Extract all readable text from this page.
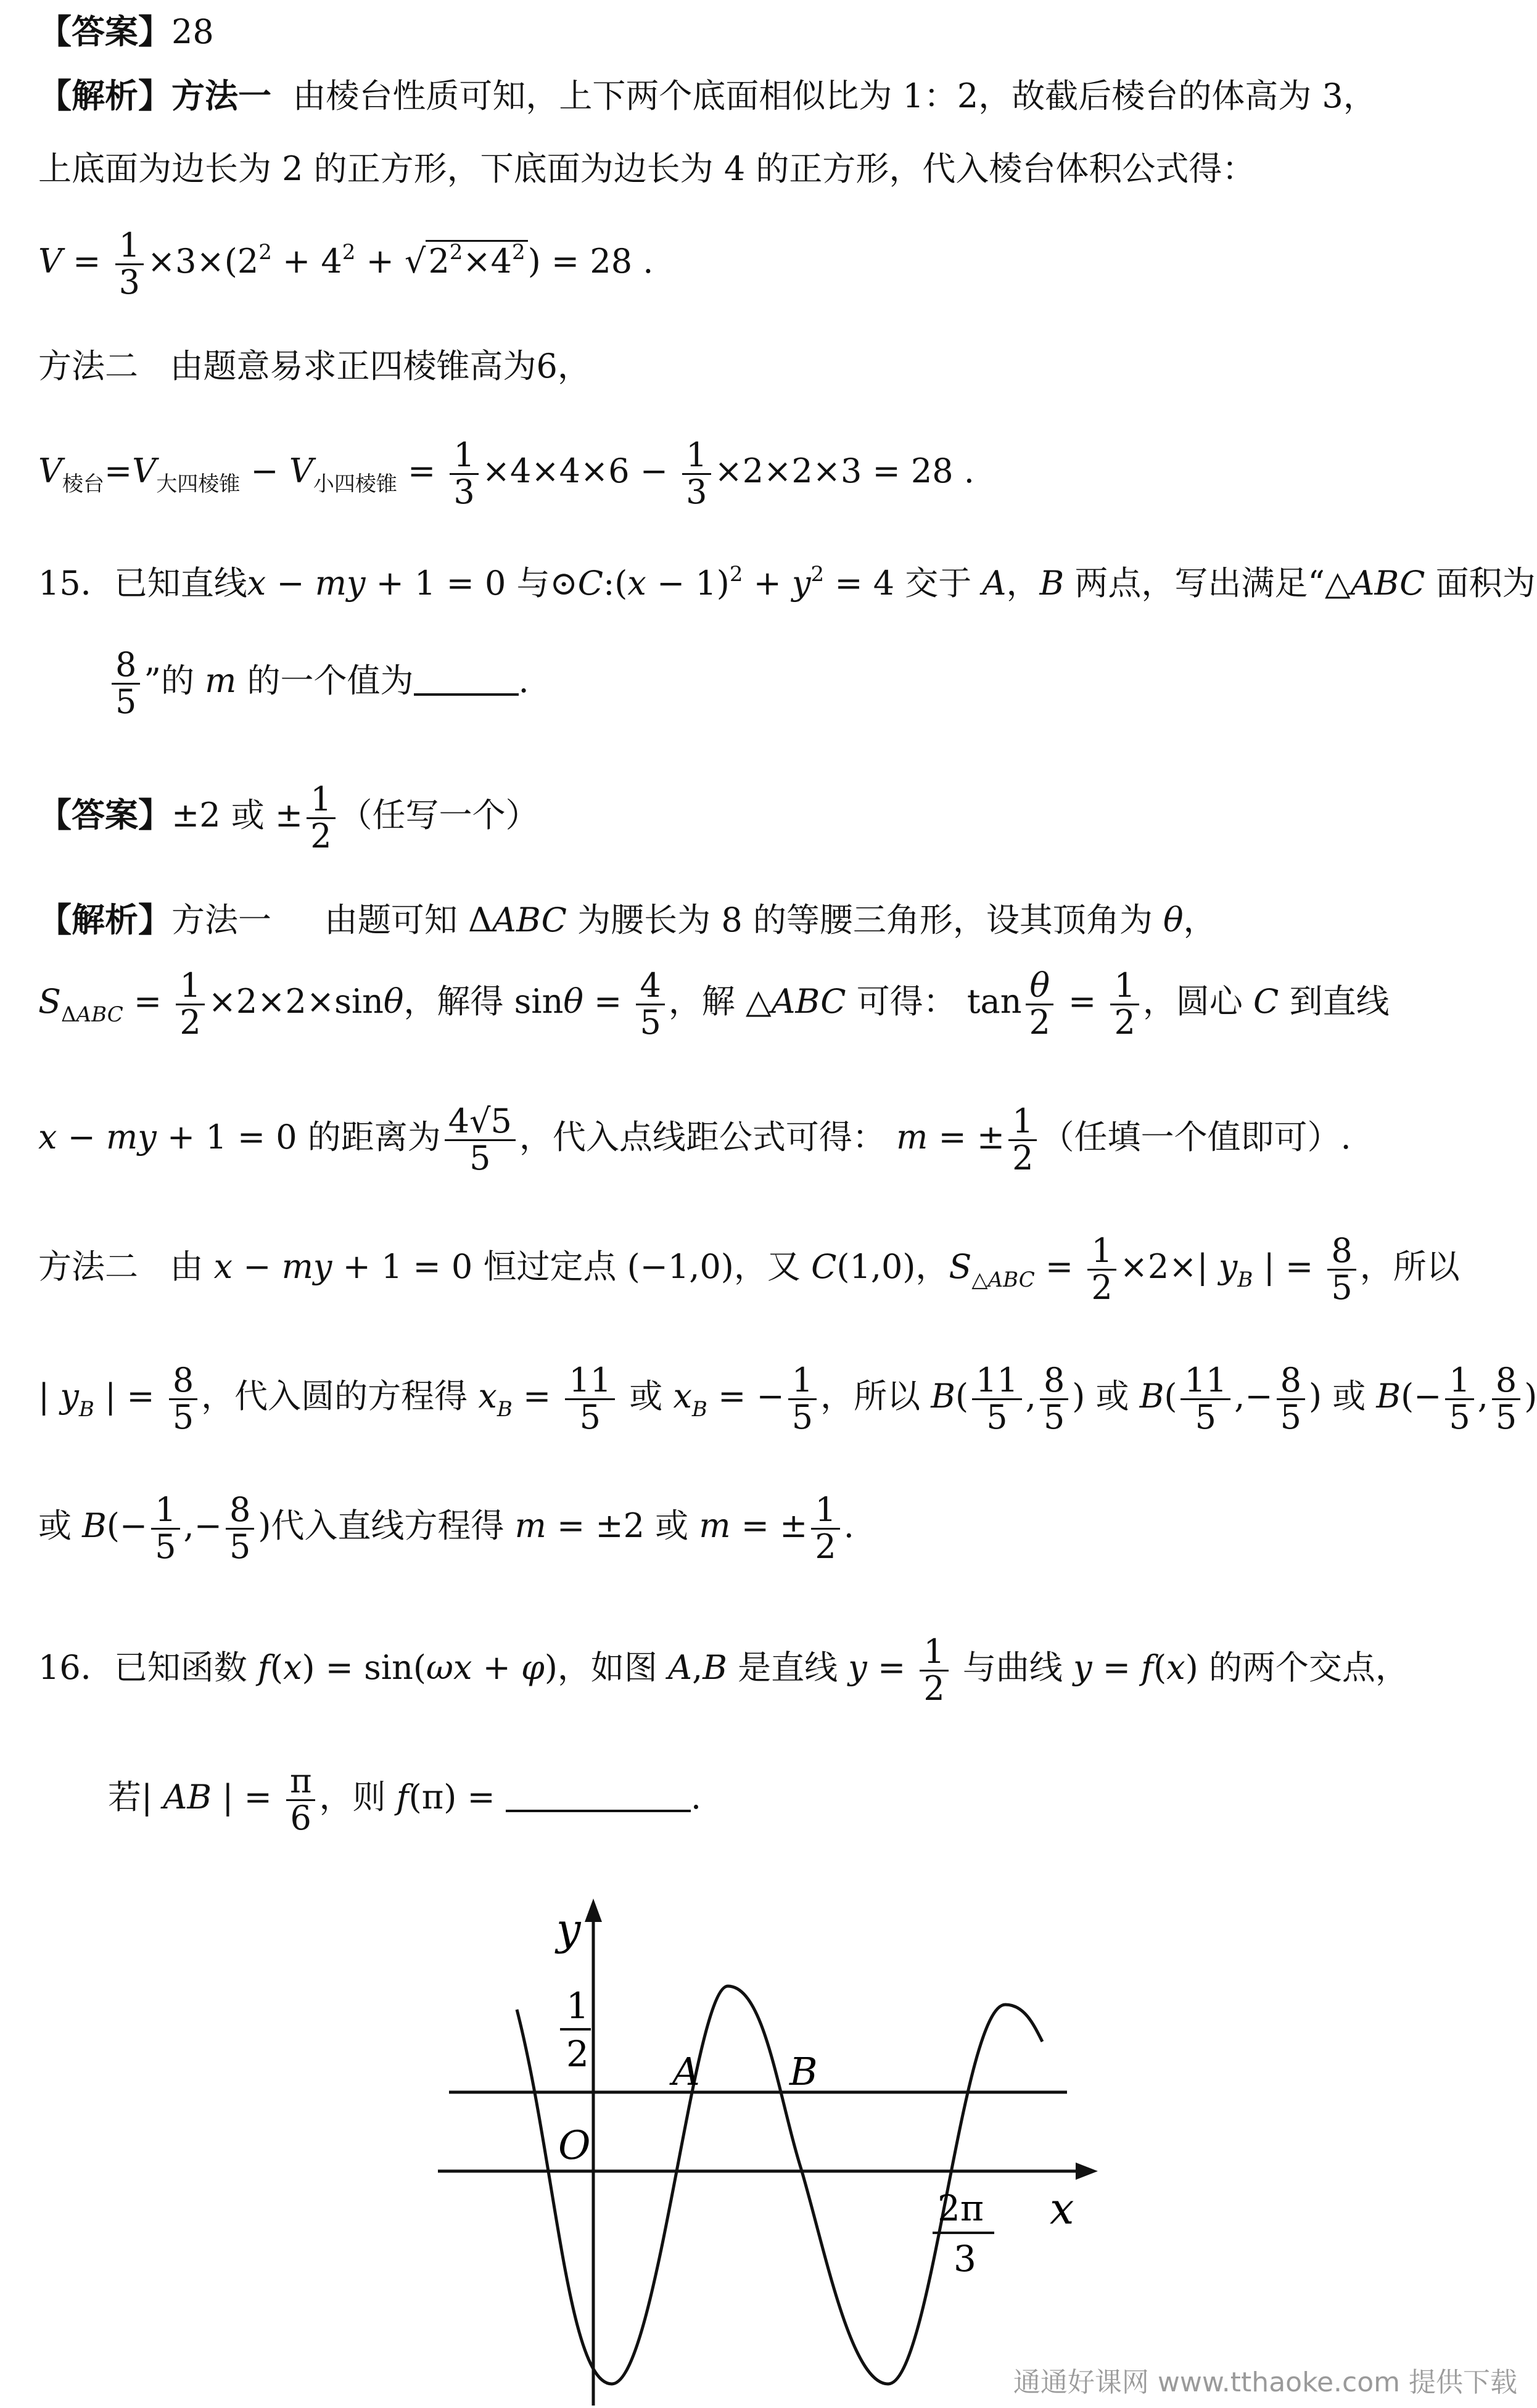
【答案】28
【解析】方法一 由棱台性质可知，上下两个底面相似比为 1：2，故截后棱台的体高为 3，
上底面为边长为 2 的正方形，下底面为边长为 4 的正方形，代入棱台体积公式得：
$V = \frac{1}{3} \times 3\times(2^2 + 4^2 + √2^2\times 4^2) = 28$ .
方法二 由题意易求正四棱锥高为6，
$V_{棱台}=V_{大四棱锥} - V_{小四棱锥} = \frac{1}{3} \times 4\times 4\times 6 - \frac{1}{3} \times 2\times 2\times 3 = 28$ .
15．已知直线x − my + 1 = 0 与⊙C:(x − $1)^2 + y^2 = 4$ 交于 A，B 两点，写出满足“△ABC 面积为
$\frac{8}{5}$ ”的 m 的一个值为	.
【答案】±2 或 ± $\frac{1}{2}$ （任写一个）
【解析】方法一 由题可知 ΔABC 为腰长为 8 的等腰三角形，设其顶角为 θ，
$S_{\Delta ABC} = \frac{1}{2} \times 2\times 2\times\sin\theta$，解得 $\sin\theta = \frac{4}{5}$ ，解 △ABC 可得： $\tan \frac{\theta}{2} = \frac{1}{2}$ ，圆心 C 到直线
x − my + 1 = 0 的距离为 $\frac{4√5}{5}$ ，代入点线距公式可得： m = ± $\frac{1}{2}$ （任填一个值即可）.
方法二 由 x − my + 1 = 0 恒过定点 (−1,0)，又 C(1,0)，$S_{\triangle ABC} = \frac{1}{2} \times 2\times|$ $y_B$ | = $\frac{8}{5}$ ，所以
| $y_B$ | = $\frac{8}{5}$ ，代入圆的方程得 $x_B = \frac{11}{5}$ 或 $x_B$ = − $\frac{1}{5}$ ，所以 $B( \frac{11}{5}$ , $\frac{8}{5}$ ) 或 $B( \frac{11}{5}$ ,− $\frac{8}{5}$ ) 或 $B(- \frac{1}{5}$ , $\frac{8}{5}$ )
或 $B(- \frac{1}{5}$ ,− $\frac{8}{5}$ )代入直线方程得 m = ±2 或 m = ± $\frac{1}{2}$ .
16．已知函数 f(x) = sin(ωx + φ)，如图 A,B 是直线 $y = \frac{1}{2}$ 与曲线 y = f(x) 的两个交点，
若| AB | = $\frac{\pi}{6}$ ，则 f(π) =	.
y
x
O
A B
1
2
2π
3
通通好课网 www.tthaoke.com 提供下载
